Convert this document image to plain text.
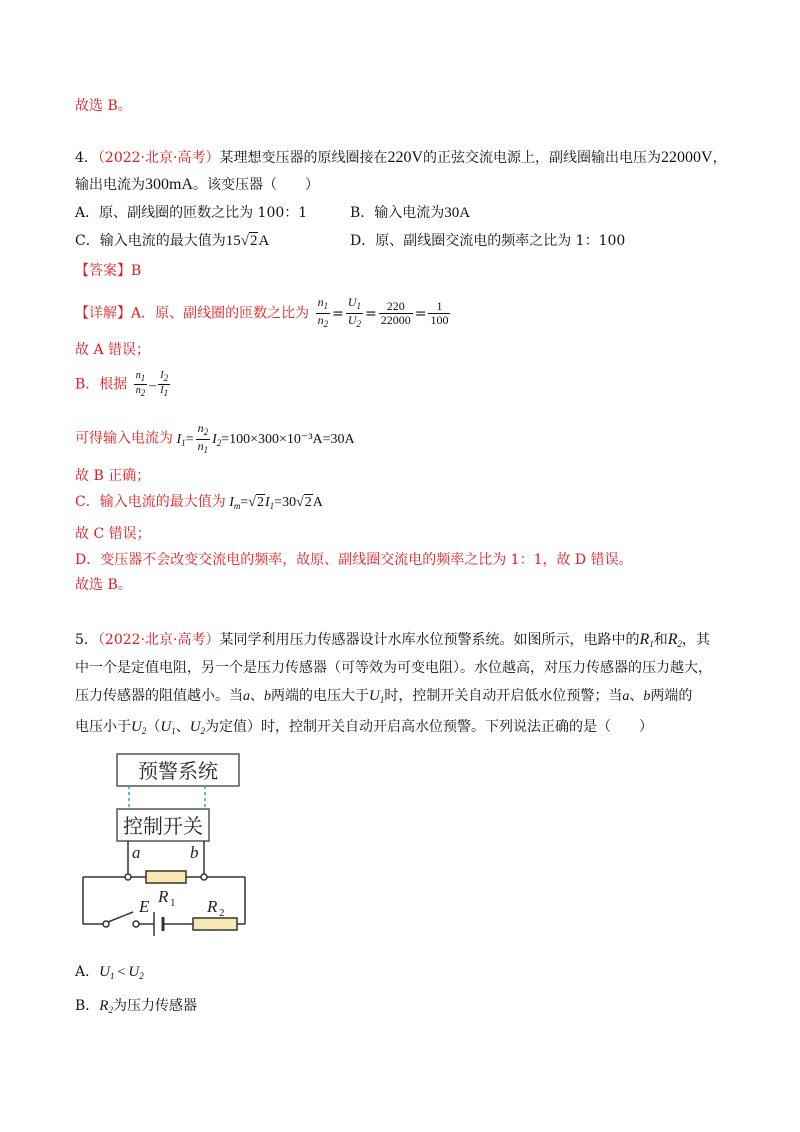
故选 B。
4．（2022·北京·高考）某理想变压器的原线圈接在220V的正弦交流电源上，副线圈输出电压为22000V，
输出电流为300mA。该变压器（　　）
A．原、副线圈的匝数之比为 100：1	B．输入电流为30A
C．输入电流的最大值为15√2A	D．原、副线圈交流电的频率之比为 1：100
【答案】B
【详解】A．原、副线圈的匝数之比为 $\frac{n_1}{n_2} = \frac{U_1}{U_2} = \frac{220}{22000} = \frac{1}{100}$
故 A 错误；
B．根据 $\frac{n_1}{n_2} - \frac{I_2}{I_1}$
可得输入电流为 $I_1= \frac{n_2}{n_1} I_2=100\times 300\times 10^{-3}A=30A$
故 B 正确；
C．输入电流的最大值为 $I_m=√2I_1=30√2A$
故 C 错误；
D．变压器不会改变交流电的频率，故原、副线圈交流电的频率之比为 1：1，故 D 错误。
故选 B。
5．（2022·北京·高考）某同学利用压力传感器设计水库水位预警系统。如图所示，电路中的$R_1$和$R_2$，其
中一个是定值电阻，另一个是压力传感器（可等效为可变电阻）。水位越高，对压力传感器的压力越大，
压力传感器的阻值越小。当a、b两端的电压大于$U_1$时，控制开关自动开启低水位预警；当a、b两端的
电压小于$U_2(U_1$、$U_2$为定值）时，控制开关自动开启高水位预警。下列说法正确的是（　　）
预警系统
控制开关
a	b
R 1
E	R 2
A．$U_1 < U_2$
B．$R_2$为压力传感器
